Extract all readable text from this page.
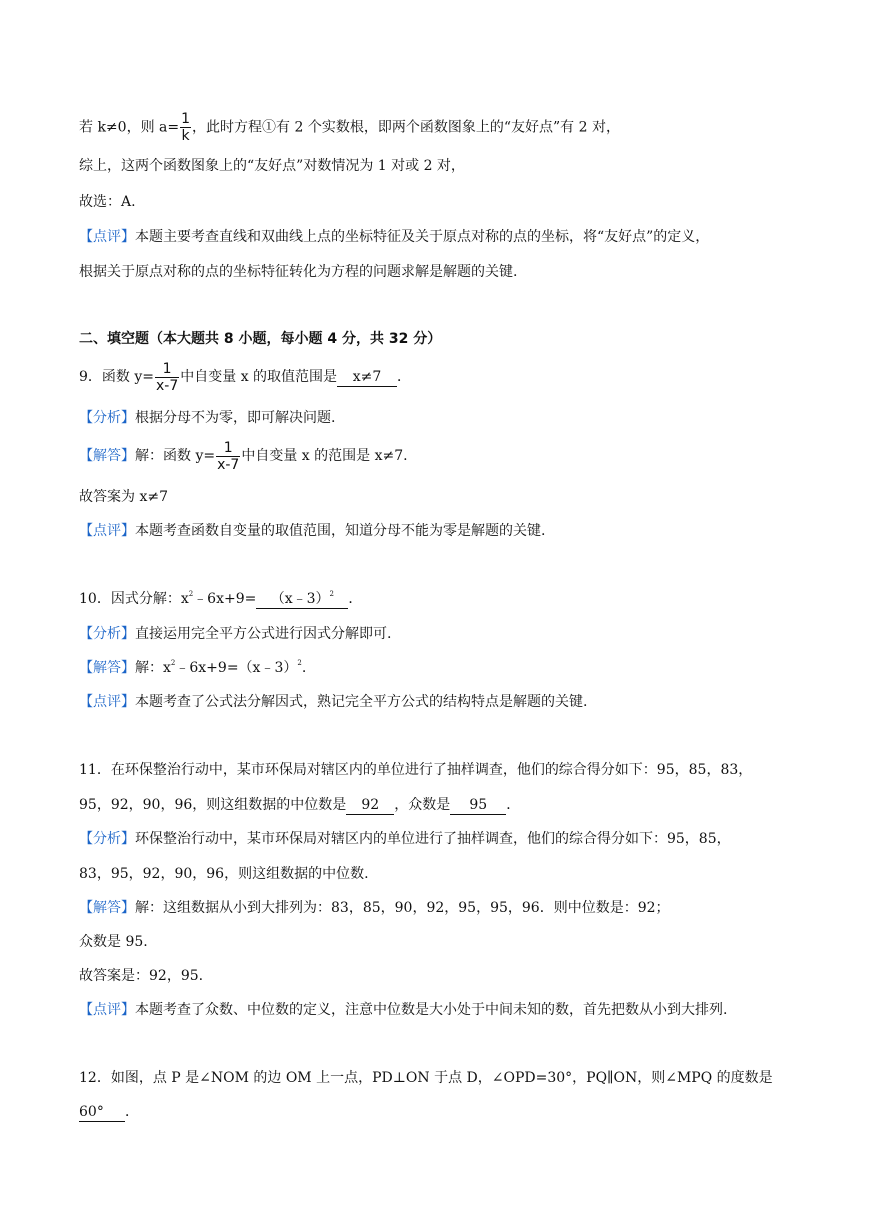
若 k≠0，则 $a= \frac{1}{k}$ ，此时方程①有 2 个实数根，即两个函数图象上的“友好点”有 2 对，
综上，这两个函数图象上的“友好点”对数情况为 1 对或 2 对，
故选：A.
【点评】本题主要考查直线和双曲线上点的坐标特征及关于原点对称的点的坐标，将“友好点”的定义，
根据关于原点对称的点的坐标特征转化为方程的问题求解是解题的关键.
二、填空题（本大题共 8 小题，每小题 4 分，共 32 分）
9．函数 $y= \frac{1}{x-7}$ 中自变量 x 的取值范围是 x≠7 ．
【分析】根据分母不为零，即可解决问题.
【解答】解：函数 $y= \frac{1}{x-7}$ 中自变量 x 的范围是 x≠7.
故答案为 x≠7
【点评】本题考查函数自变量的取值范围，知道分母不能为零是解题的关键.
10．因式分解：$x^2﹣6x+9=$ （x﹣3）$^2$ ．
【分析】直接运用完全平方公式进行因式分解即可.
【解答】解：$x^2﹣6x+9=(x﹣3)^2$.
【点评】本题考查了公式法分解因式，熟记完全平方公式的结构特点是解题的关键.
11．在环保整治行动中，某市环保局对辖区内的单位进行了抽样调查，他们的综合得分如下：95，85，83，
95，92，90，96，则这组数据的中位数是 92 ，众数是 95 ．
【分析】环保整治行动中，某市环保局对辖区内的单位进行了抽样调查，他们的综合得分如下：95，85，
83，95，92，90，96，则这组数据的中位数.
【解答】解：这组数据从小到大排列为：83，85，90，92，95，95，96．则中位数是：92；
众数是 95.
故答案是：92，95.
【点评】本题考查了众数、中位数的定义，注意中位数是大小处于中间未知的数，首先把数从小到大排列.
12．如图，点 P 是∠NOM 的边 OM 上一点，PD⊥ON 于点 D，∠OPD=30°，PQ∥ON，则∠MPQ 的度数是
60° ．
